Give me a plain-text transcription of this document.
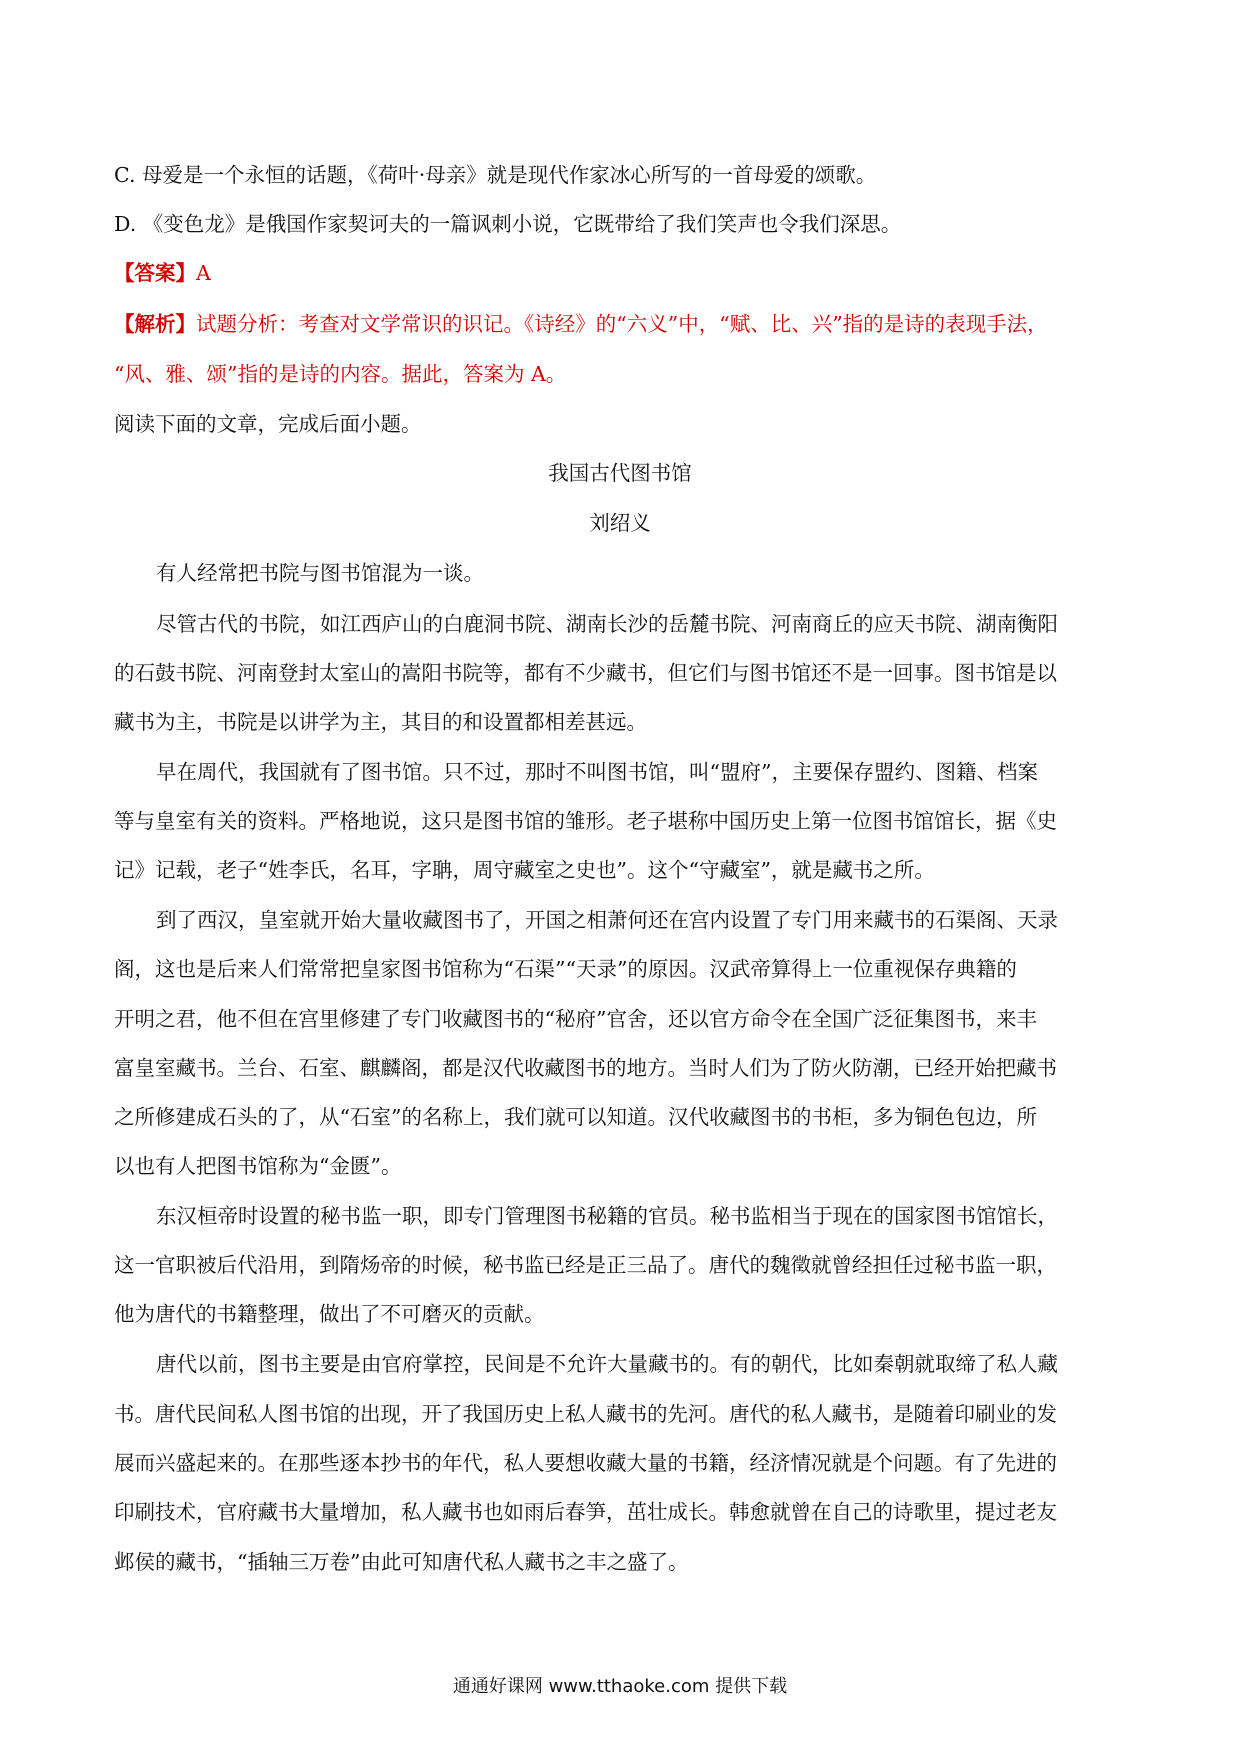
C. 母爱是一个永恒的话题，《荷叶·母亲》就是现代作家冰心所写的一首母爱的颂歌。
D. 《变色龙》是俄国作家契诃夫的一篇讽刺小说，它既带给了我们笑声也令我们深思。
【答案】A
【解析】试题分析：考查对文学常识的识记。《诗经》的“六义”中，“赋、比、兴”指的是诗的表现手法，
“风、雅、颂”指的是诗的内容。据此，答案为 A。
阅读下面的文章，完成后面小题。
我国古代图书馆
刘绍义
有人经常把书院与图书馆混为一谈。
尽管古代的书院，如江西庐山的白鹿洞书院、湖南长沙的岳麓书院、河南商丘的应天书院、湖南衡阳
的石鼓书院、河南登封太室山的嵩阳书院等，都有不少藏书，但它们与图书馆还不是一回事。图书馆是以
藏书为主，书院是以讲学为主，其目的和设置都相差甚远。
早在周代，我国就有了图书馆。只不过，那时不叫图书馆，叫“盟府”，主要保存盟约、图籍、档案
等与皇室有关的资料。严格地说，这只是图书馆的雏形。老子堪称中国历史上第一位图书馆馆长，据《史
记》记载，老子“姓李氏，名耳，字聃，周守藏室之史也”。这个“守藏室”，就是藏书之所。
到了西汉，皇室就开始大量收藏图书了，开国之相萧何还在宫内设置了专门用来藏书的石渠阁、天录
阁，这也是后来人们常常把皇家图书馆称为“石渠”“天录”的原因。汉武帝算得上一位重视保存典籍的
开明之君，他不但在宫里修建了专门收藏图书的“秘府”官舍，还以官方命令在全国广泛征集图书，来丰
富皇室藏书。兰台、石室、麒麟阁，都是汉代收藏图书的地方。当时人们为了防火防潮，已经开始把藏书
之所修建成石头的了，从“石室”的名称上，我们就可以知道。汉代收藏图书的书柜，多为铜色包边，所
以也有人把图书馆称为“金匮”。
东汉桓帝时设置的秘书监一职，即专门管理图书秘籍的官员。秘书监相当于现在的国家图书馆馆长，
这一官职被后代沿用，到隋炀帝的时候，秘书监已经是正三品了。唐代的魏徵就曾经担任过秘书监一职，
他为唐代的书籍整理，做出了不可磨灭的贡献。
唐代以前，图书主要是由官府掌控，民间是不允许大量藏书的。有的朝代，比如秦朝就取缔了私人藏
书。唐代民间私人图书馆的出现，开了我国历史上私人藏书的先河。唐代的私人藏书，是随着印刷业的发
展而兴盛起来的。在那些逐本抄书的年代，私人要想收藏大量的书籍，经济情况就是个问题。有了先进的
印刷技术，官府藏书大量增加，私人藏书也如雨后春笋，茁壮成长。韩愈就曾在自己的诗歌里，提过老友
邺侯的藏书，“插轴三万卷”由此可知唐代私人藏书之丰之盛了。
通通好课网 www.tthaoke.com 提供下载
